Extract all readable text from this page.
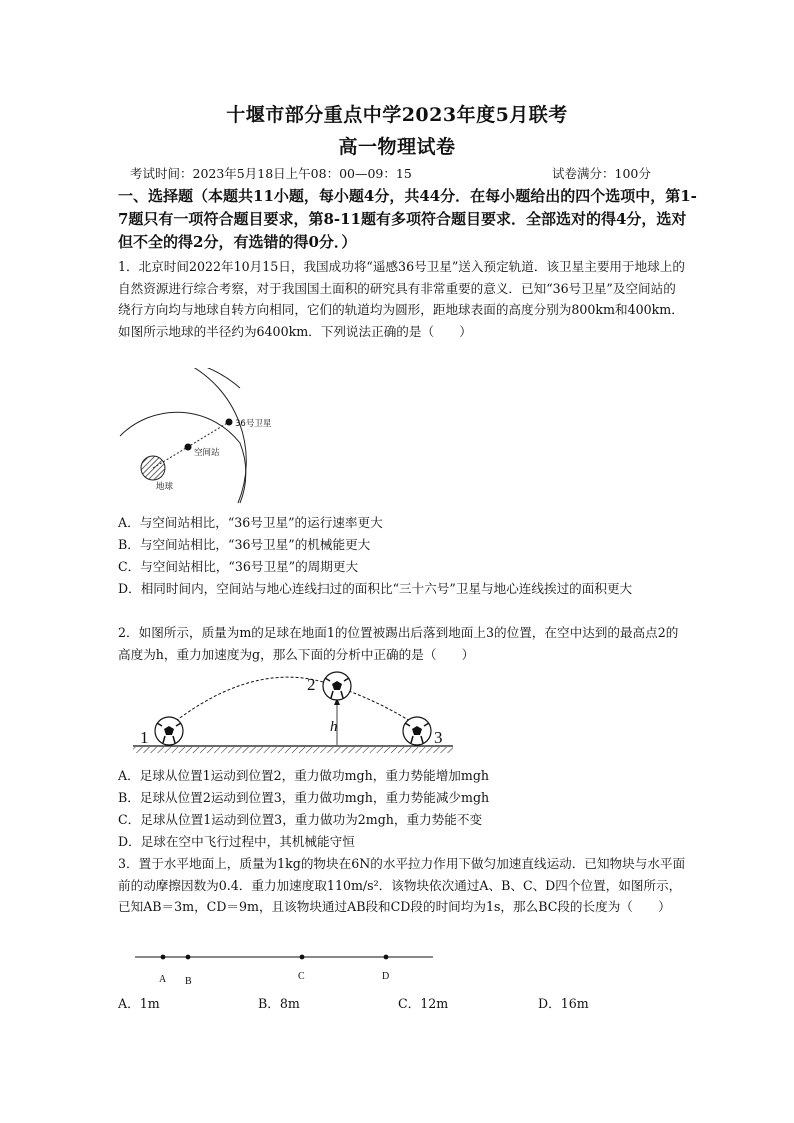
十堰市部分重点中学2023年度5月联考
高一物理试卷
考试时间：2023年5月18日上午08：00—09：15	试卷满分：100分
一、选择题（本题共11小题，每小题4分，共44分．在每小题给出的四个选项中，第1-7题只有一项符合题目要求，第8-11题有多项符合题目要求．全部选对的得4分，选对但不全的得2分，有选错的得0分．）
1．北京时间2022年10月15日，我国成功将“遥感36号卫星”送入预定轨道．该卫星主要用于地球上的自然资源进行综合考察，对于我国国土面积的研究具有非常重要的意义．已知“36号卫星”及空间站的绕行方向均与地球自转方向相同，它们的轨道均为圆形，距地球表面的高度分别为800km和400km．如图所示地球的半径约为6400km．下列说法正确的是（　　）
36号卫星
空间站
地球
A．与空间站相比，“36号卫星”的运行速率更大
B．与空间站相比，“36号卫星”的机械能更大
C．与空间站相比，“36号卫星”的周期更大
D．相同时间内，空间站与地心连线扫过的面积比“三十六号”卫星与地心连线挨过的面积更大
2．如图所示，质量为m的足球在地面1的位置被踢出后落到地面上3的位置，在空中达到的最高点2的高度为h，重力加速度为g，那么下面的分析中正确的是（　　）
1
2
3
h
A．足球从位置1运动到位置2，重力做功mgh，重力势能增加mgh
B．足球从位置2运动到位置3，重力做功mgh，重力势能减少mgh
C．足球从位置1运动到位置3，重力做功为2mgh，重力势能不变
D．足球在空中飞行过程中，其机械能守恒
3．置于水平地面上，质量为1kg的物块在6N的水平拉力作用下做匀加速直线运动．已知物块与水平面前的动摩擦因数为0.4．重力加速度取110m/s²．该物块依次通过A、B、C、D四个位置，如图所示，已知AB＝3m，CD＝9m，且该物块通过AB段和CD段的时间均为1s，那么BC段的长度为（　　）
A B	C	D
A．1m	B．8m	C．12m	D．16m
